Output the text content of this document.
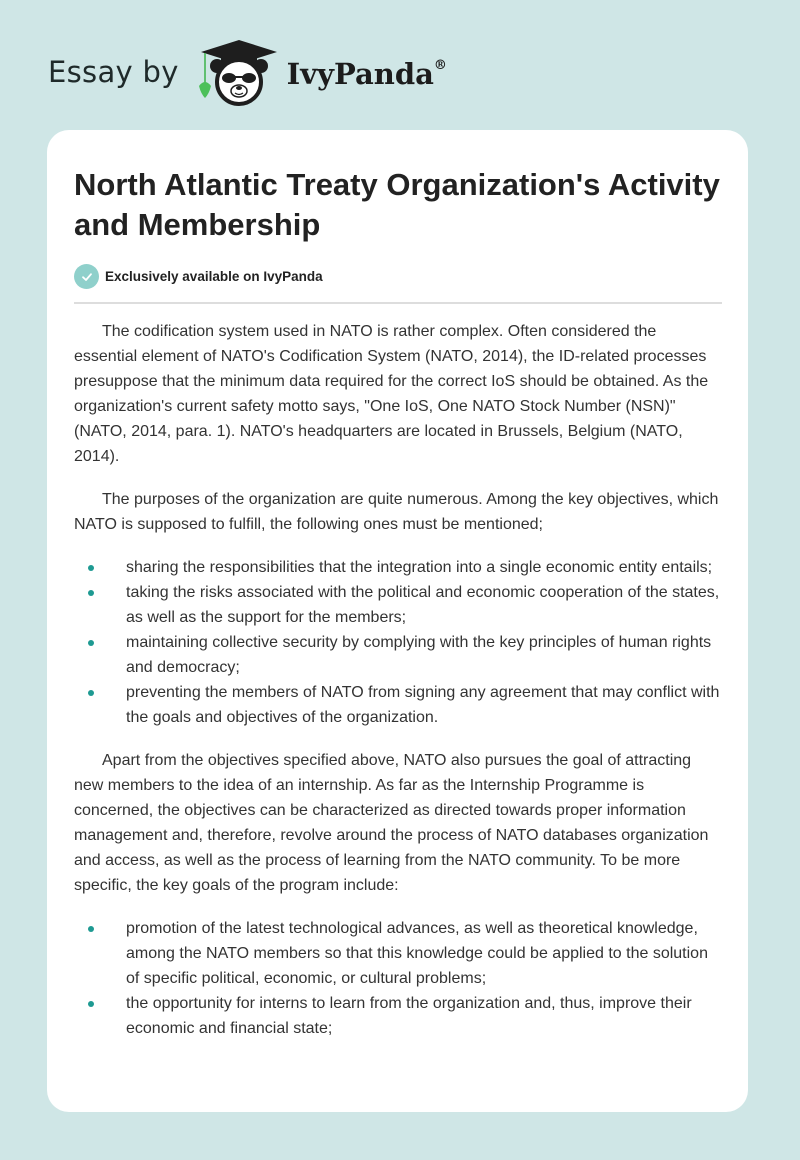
Essay by	IvyPanda®
North Atlantic Treaty Organization's Activity and Membership
Exclusively available on IvyPanda

The codification system used in NATO is rather complex. Often considered the essential element of NATO's Codification System (NATO, 2014), the ID-related processes presuppose that the minimum data required for the correct IoS should be obtained. As the organization's current safety motto says, "One IoS, One NATO Stock Number (NSN)" (NATO, 2014, para. 1). NATO's headquarters are located in Brussels, Belgium (NATO, 2014).

The purposes of the organization are quite numerous. Among the key objectives, which NATO is supposed to fulfill, the following ones must be mentioned;

sharing the responsibilities that the integration into a single economic entity entails;
taking the risks associated with the political and economic cooperation of the states, as well as the support for the members;
maintaining collective security by complying with the key principles of human rights and democracy;
preventing the members of NATO from signing any agreement that may conflict with the goals and objectives of the organization.

Apart from the objectives specified above, NATO also pursues the goal of attracting new members to the idea of an internship. As far as the Internship Programme is concerned, the objectives can be characterized as directed towards proper information management and, therefore, revolve around the process of NATO databases organization and access, as well as the process of learning from the NATO community. To be more specific, the key goals of the program include:

promotion of the latest technological advances, as well as theoretical knowledge, among the NATO members so that this knowledge could be applied to the solution of specific political, economic, or cultural problems;
the opportunity for interns to learn from the organization and, thus, improve their economic and financial state;
